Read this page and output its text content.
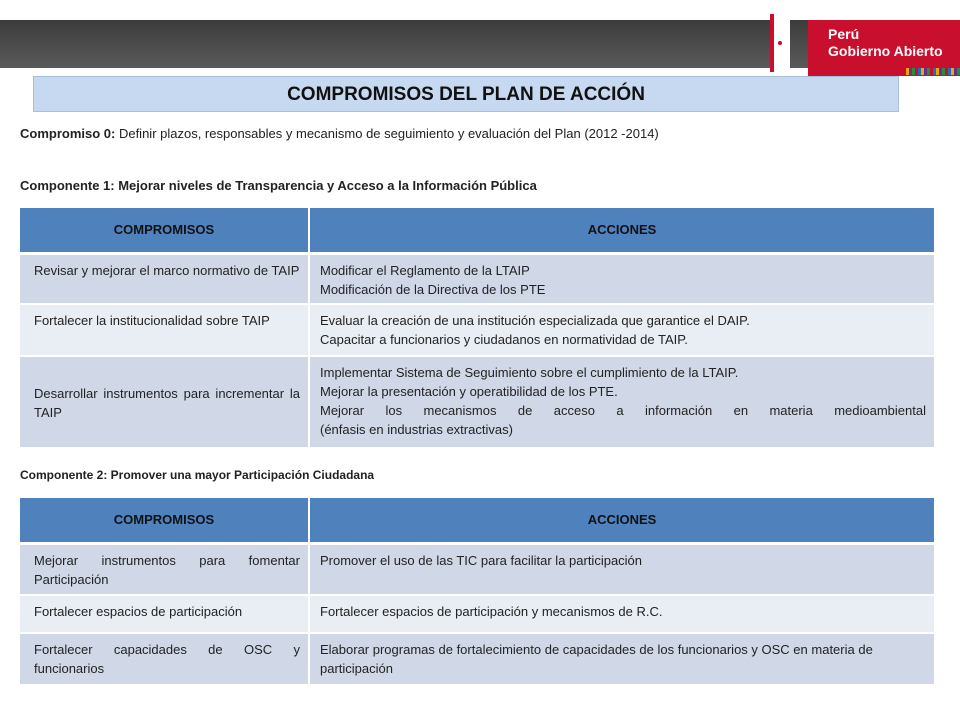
Perú
Gobierno Abierto
COMPROMISOS DEL PLAN DE ACCIÓN
Compromiso 0: Definir plazos, responsables y mecanismo de seguimiento y evaluación del Plan (2012 -2014)
Componente 1: Mejorar niveles de Transparencia y Acceso a la Información Pública
COMPROMISOS	ACCIONES
Revisar y mejorar el marco normativo de TAIP	Modificar el Reglamento de la LTAIP
Modificación de la Directiva de los PTE

Fortalecer la institucionalidad sobre TAIP	Evaluar la creación de una institución especializada que garantice el DAIP.
Capacitar a funcionarios y ciudadanos en normatividad de TAIP.

Desarrollar instrumentos para incrementar la TAIP	Implementar Sistema de Seguimiento sobre el cumplimiento de la LTAIP.
Mejorar la presentación y operatibilidad de los PTE.
Mejorar los mecanismos de acceso a información en materia medioambiental
(énfasis en industrias extractivas)
Componente 2: Promover una mayor Participación Ciudadana
COMPROMISOS	ACCIONES
Mejorar instrumentos para fomentar Participación	Promover el uso de las TIC para facilitar la participación

Fortalecer espacios de participación	Fortalecer espacios de participación y mecanismos de R.C.

Fortalecer capacidades de OSC y funcionarios	Elaborar programas de fortalecimiento de capacidades de los funcionarios y OSC en materia de participación
